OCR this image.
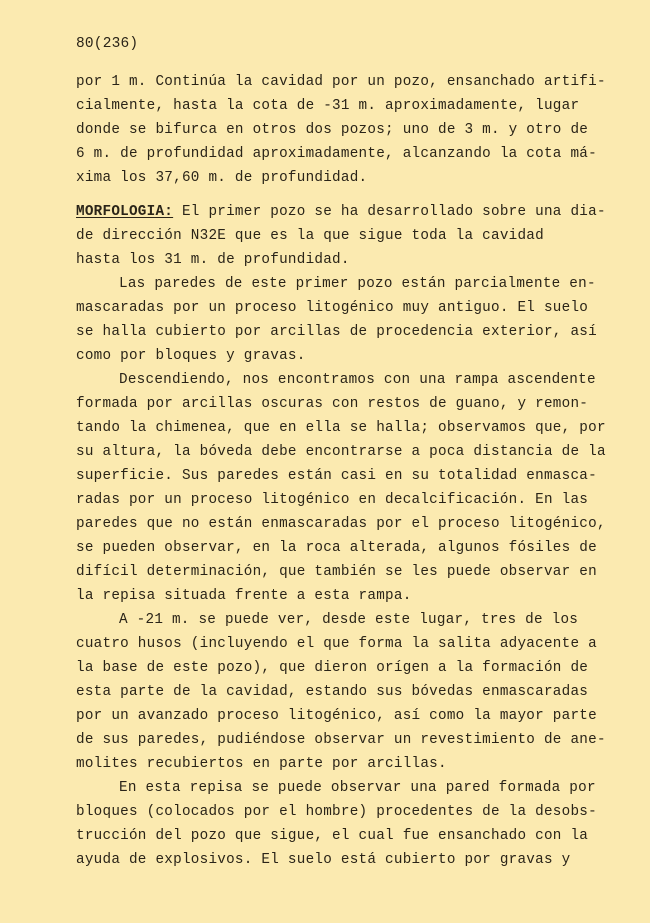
80(236)
por 1 m. Continúa la cavidad por un pozo, ensanchado artifi-
cialmente, hasta la cota de -31 m. aproximadamente, lugar
donde se bifurca en otros dos pozos; uno de 3 m. y otro de
6 m. de profundidad aproximadamente, alcanzando la cota má-
xima los 37,60 m. de profundidad.
MORFOLOGIA: El primer pozo se ha desarrollado sobre una dia-
de dirección N32E que es la que sigue toda la cavidad
hasta los 31 m. de profundidad.
Las paredes de este primer pozo están parcialmente en-
mascaradas por un proceso litogénico muy antiguo. El suelo
se halla cubierto por arcillas de procedencia exterior, así
como por bloques y gravas.
Descendiendo, nos encontramos con una rampa ascendente
formada por arcillas oscuras con restos de guano, y remon-
tando la chimenea, que en ella se halla; observamos que, por
su altura, la bóveda debe encontrarse a poca distancia de la
superficie. Sus paredes están casi en su totalidad enmasca-
radas por un proceso litogénico en decalcificación. En las
paredes que no están enmascaradas por el proceso litogénico,
se pueden observar, en la roca alterada, algunos fósiles de
difícil determinación, que también se les puede observar en
la repisa situada frente a esta rampa.
A -21 m. se puede ver, desde este lugar, tres de los
cuatro husos (incluyendo el que forma la salita adyacente a
la base de este pozo), que dieron orígen a la formación de
esta parte de la cavidad, estando sus bóvedas enmascaradas
por un avanzado proceso litogénico, así como la mayor parte
de sus paredes, pudiéndose observar un revestimiento de ane-
molites recubiertos en parte por arcillas.
En esta repisa se puede observar una pared formada por
bloques (colocados por el hombre) procedentes de la desobs-
trucción del pozo que sigue, el cual fue ensanchado con la
ayuda de explosivos. El suelo está cubierto por gravas y
